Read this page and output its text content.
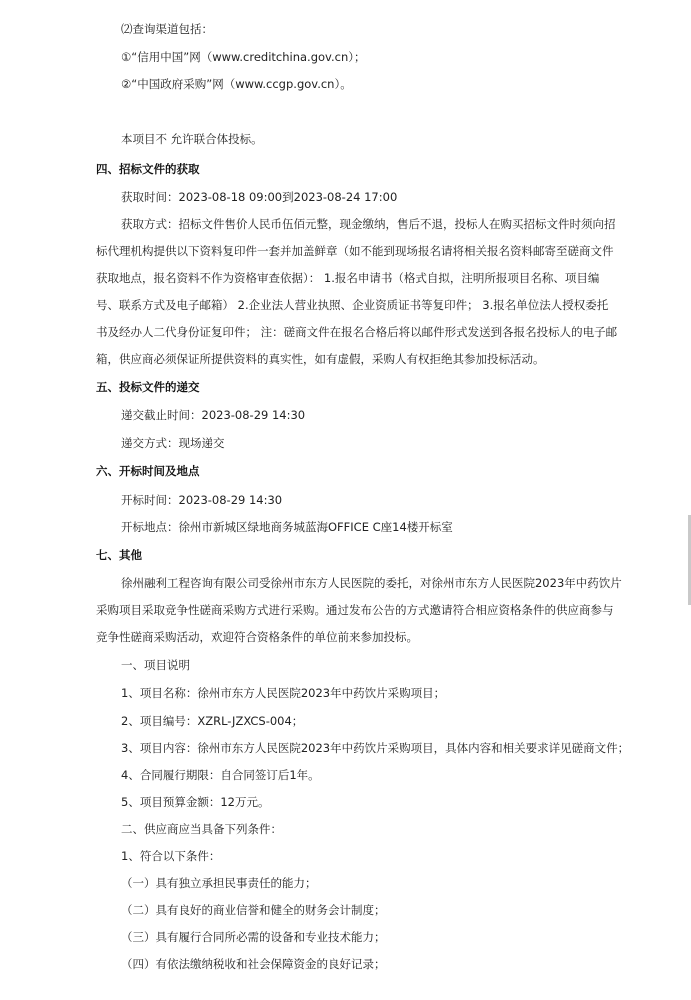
⑵查询渠道包括：
①“信用中国”网（www.creditchina.gov.cn）；
②“中国政府采购”网（www.ccgp.gov.cn）。
本项目不 允许联合体投标。
四、招标文件的获取
获取时间：2023-08-18 09:00到2023-08-24 17:00
获取方式：招标文件售价人民币伍佰元整，现金缴纳，售后不退，投标人在购买招标文件时须向招
标代理机构提供以下资料复印件一套并加盖鲜章（如不能到现场报名请将相关报名资料邮寄至磋商文件
获取地点，报名资料不作为资格审查依据）： 1.报名申请书（格式自拟，注明所报项目名称、项目编
号、联系方式及电子邮箱） 2.企业法人营业执照、企业资质证书等复印件； 3.报名单位法人授权委托
书及经办人二代身份证复印件； 注：磋商文件在报名合格后将以邮件形式发送到各报名投标人的电子邮
箱，供应商必须保证所提供资料的真实性，如有虚假，采购人有权拒绝其参加投标活动。
五、投标文件的递交
递交截止时间：2023-08-29 14:30
递交方式：现场递交
六、开标时间及地点
开标时间：2023-08-29 14:30
开标地点：徐州市新城区绿地商务城蓝海OFFICE C座14楼开标室
七、其他
徐州融利工程咨询有限公司受徐州市东方人民医院的委托，对徐州市东方人民医院2023年中药饮片
采购项目采取竞争性磋商采购方式进行采购。通过发布公告的方式邀请符合相应资格条件的供应商参与
竞争性磋商采购活动，欢迎符合资格条件的单位前来参加投标。
一、项目说明
1、项目名称：徐州市东方人民医院2023年中药饮片采购项目；
2、项目编号：XZRL-JZXCS-004；
3、项目内容：徐州市东方人民医院2023年中药饮片采购项目，具体内容和相关要求详见磋商文件；
4、合同履行期限：自合同签订后1年。
5、项目预算金额：12万元。
二、供应商应当具备下列条件：
1、符合以下条件：
（一）具有独立承担民事责任的能力；
（二）具有良好的商业信誉和健全的财务会计制度；
（三）具有履行合同所必需的设备和专业技术能力；
（四）有依法缴纳税收和社会保障资金的良好记录；
